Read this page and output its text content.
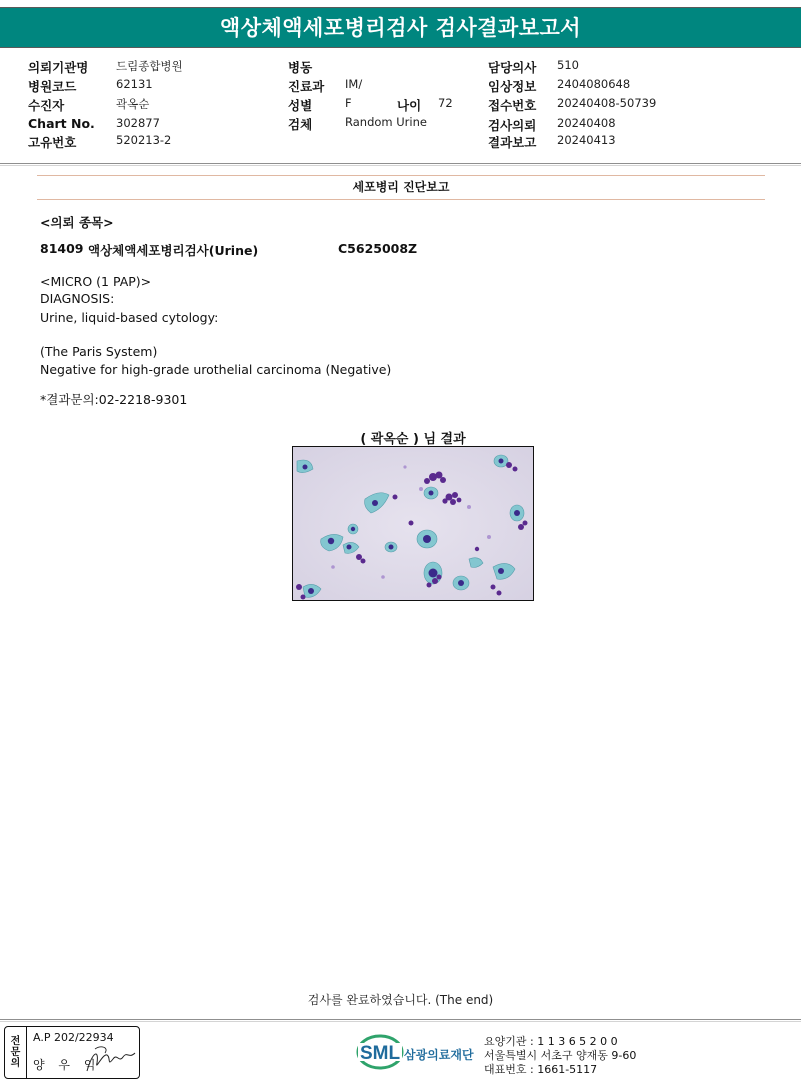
액상체액세포병리검사 검사결과보고서
의뢰기관명 드림종합병원
병원코드	62131
수진자	곽옥순
Chart No. 302877
고유번호	520213-2
병동
진료과 IM/
성별	F	나이 72
검체	Random Urine
담당의사 510
임상정보 2404080648
접수번호 20240408-50739
검사의뢰 20240408
결과보고 20240413
세포병리 진단보고
<의뢰 종목>
81409 액상체액세포병리검사(Urine)	C5625008Z
<MICRO (1 PAP)>
DIAGNOSIS:
Urine, liquid-based cytology:
(The Paris System)
Negative for high-grade urothelial carcinoma (Negative)
*결과문의:02-2218-9301
( 곽옥순 ) 님 결과
검사를 완료하였습니다. (The end)
전
문
의
A.P 202/22934
양 우 익
SML 삼광의료재단
요양기관 : 1 1 3 6 5 2 0 0
서울특별시 서초구 양재동 9-60
대표번호 : 1661-5117
